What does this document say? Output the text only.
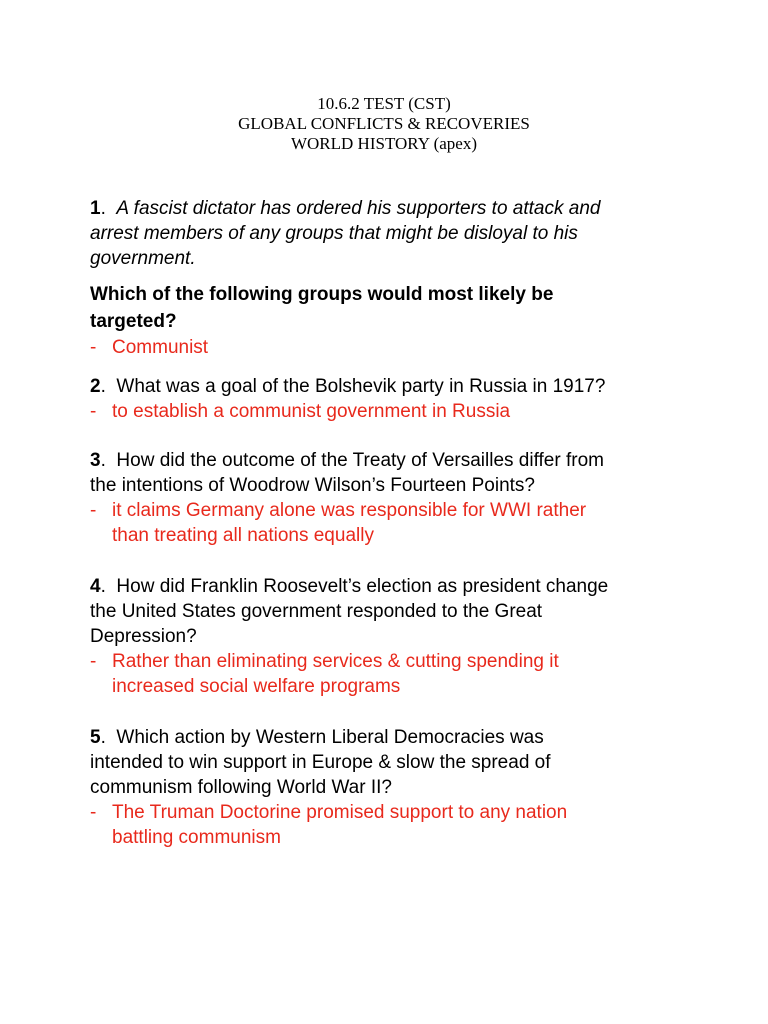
10.6.2 TEST (CST)
GLOBAL CONFLICTS & RECOVERIES
WORLD HISTORY (apex)
1. A fascist dictator has ordered his supporters to attack and
arrest members of any groups that might be disloyal to his
government.
Which of the following groups would most likely be
targeted?
- Communist
2. What was a goal of the Bolshevik party in Russia in 1917?
- to establish a communist government in Russia
3. How did the outcome of the Treaty of Versailles differ from
the intentions of Woodrow Wilson’s Fourteen Points?
- it claims Germany alone was responsible for WWI rather
than treating all nations equally
4. How did Franklin Roosevelt’s election as president change
the United States government responded to the Great
Depression?
- Rather than eliminating services & cutting spending it
increased social welfare programs
5. Which action by Western Liberal Democracies was
intended to win support in Europe & slow the spread of
communism following World War II?
- The Truman Doctorine promised support to any nation
battling communism
